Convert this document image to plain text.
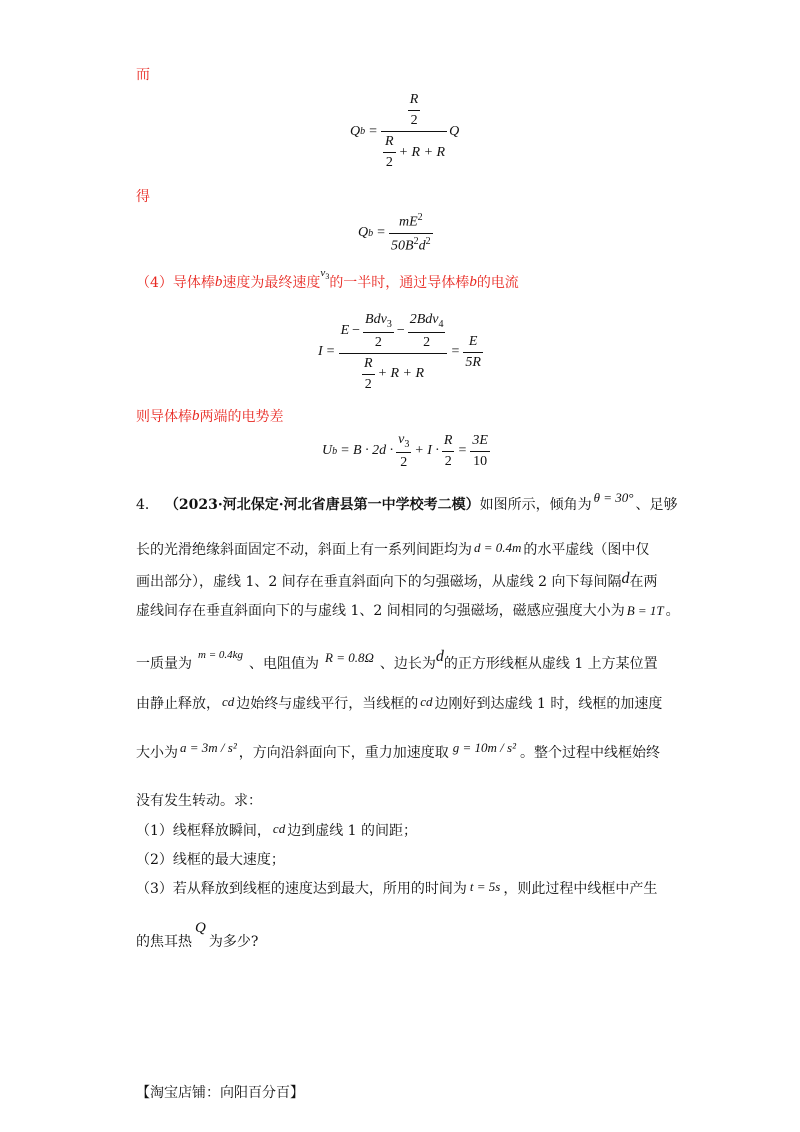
而
Q $b = \frac{\frac{R}{2}}{\frac{R}{2} + R + R}$ Q
得
Q $b = \frac{mE^2}{50B^2d^2}$
（4）导体棒 b 速度为最终速度
$v_3$ 的一半时，通过导体棒 b 的电流
$I = \frac{E - \frac{Bdv_3}{2} - \frac{2Bdv_4}{2}}{\frac{R}{2} + R + R} = \frac{E}{5R}$
则导体棒 b 两端的电势差
U $b = B \cdot 2d \cdot \frac{v_3}{2} + I \cdot \frac{R}{2} = \frac{3E}{10}$
4． （2023·河北保定·河北省唐县第一中学校考二模） 如图所示，倾角为 θ = 30° 、足够
长的光滑绝缘斜面固定不动，斜面上有一系列间距均为 d = 0.4m 的水平虚线（图中仅
画出部分），虚线 1、2 间存在垂直斜面向下的匀强磁场，从虚线 2 向下每间隔 d 在两
虚线间存在垂直斜面向下的与虚线 1、2 间相同的匀强磁场，磁感应强度大小为 B = 1T 。
一质量为
m = 0.4kg
、电阻值为 R = 0.8Ω 、边长为 d 的正方形线框从虚线 1 上方某位置
由静止释放， cd 边始终与虚线平行，当线框的 cd 边刚好到达虚线 1 时，线框的加速度
大小为 a = 3m / s² ，方向沿斜面向下，重力加速度取 g = 10m / s² 。整个过程中线框始终
没有发生转动。求：
（1）线框释放瞬间， cd 边到虚线 1 的间距；
（2）线框的最大速度；
（3）若从释放到线框的速度达到最大，所用的时间为 t = 5s ，则此过程中线框中产生
的焦耳热
Q
为多少?
【淘宝店铺：向阳百分百】
